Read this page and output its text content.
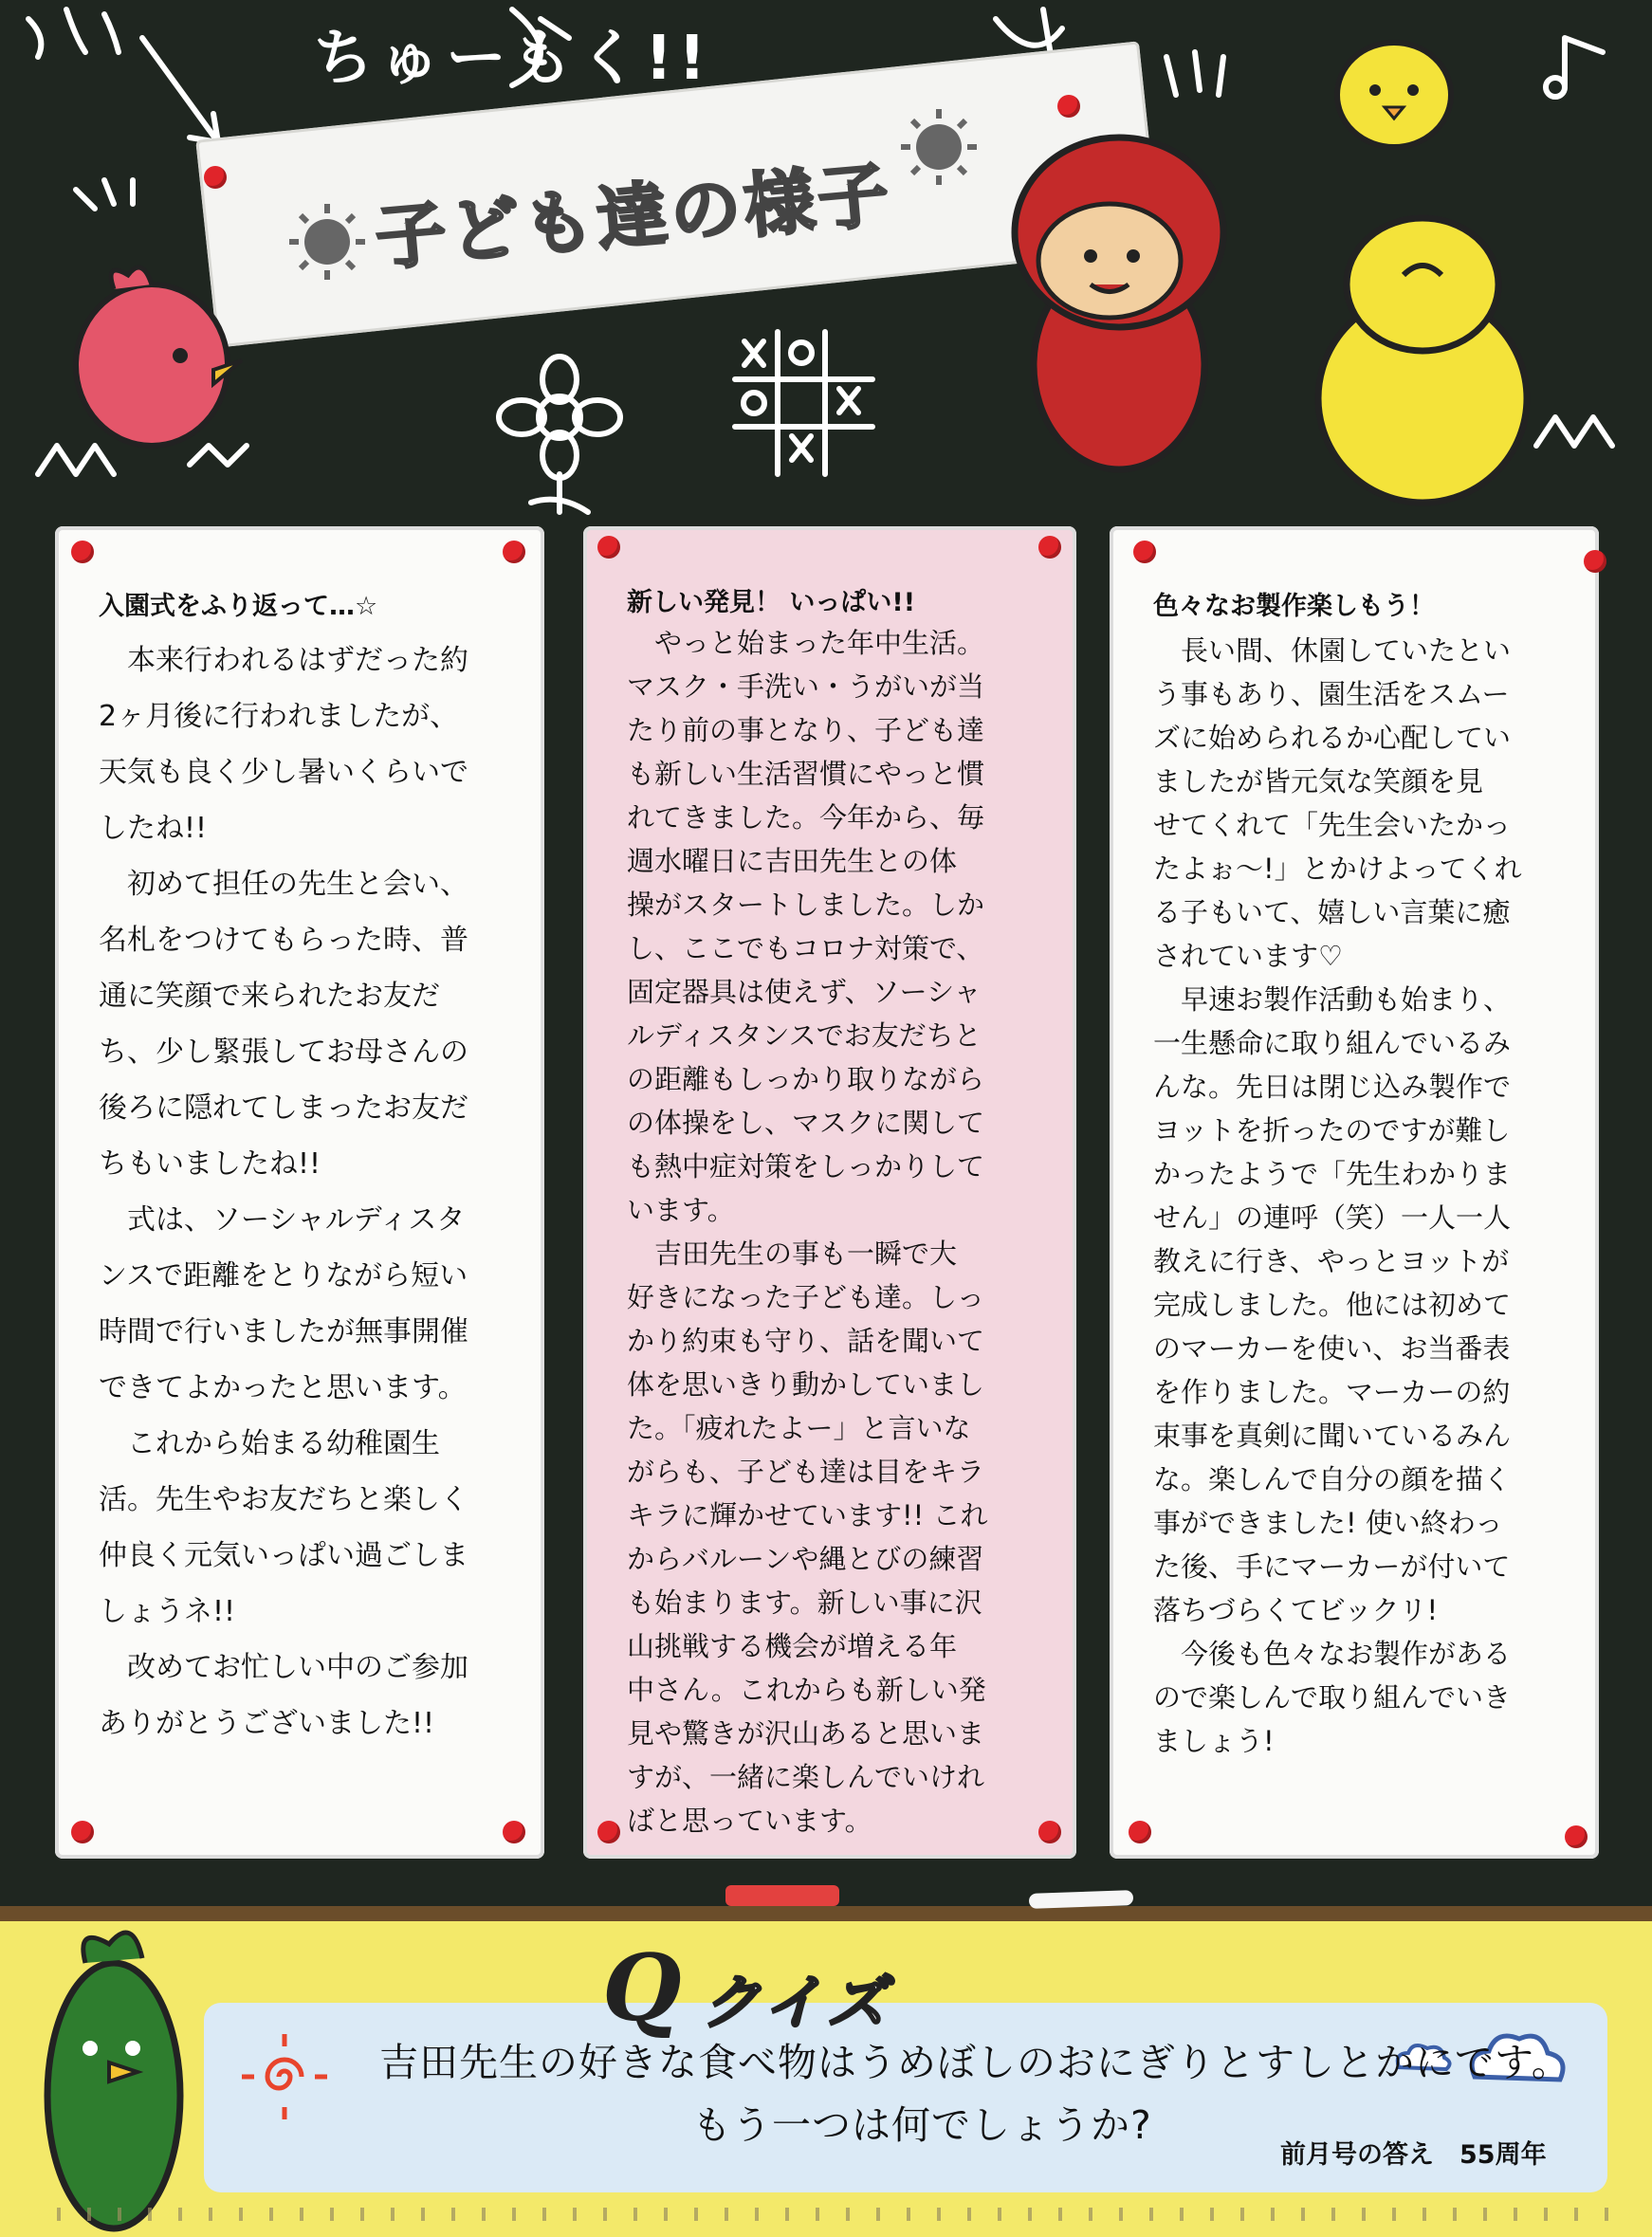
ちゅーもく!!
子ども達の様子
入園式をふり返って…☆
　本来行われるはずだった約
2ヶ月後に行われましたが、
天気も良く少し暑いくらいで
したね!!
　初めて担任の先生と会い、
名札をつけてもらった時、普
通に笑顔で来られたお友だ
ち、少し緊張してお母さんの
後ろに隠れてしまったお友だ
ちもいましたね!!
　式は、ソーシャルディスタ
ンスで距離をとりながら短い
時間で行いましたが無事開催
できてよかったと思います。
　これから始まる幼稚園生
活。先生やお友だちと楽しく
仲良く元気いっぱい過ごしま
しょうネ!!
　改めてお忙しい中のご参加
ありがとうございました!!
新しい発見！ いっぱい!!
　やっと始まった年中生活。
マスク・手洗い・うがいが当
たり前の事となり、子ども達
も新しい生活習慣にやっと慣
れてきました。今年から、毎
週水曜日に吉田先生との体
操がスタートしました。しか
し、ここでもコロナ対策で、
固定器具は使えず、ソーシャ
ルディスタンスでお友だちと
の距離もしっかり取りながら
の体操をし、マスクに関して
も熱中症対策をしっかりして
います。
　吉田先生の事も一瞬で大
好きになった子ども達。しっ
かり約束も守り、話を聞いて
体を思いきり動かしていまし
た。「疲れたよー」と言いな
がらも、子ども達は目をキラ
キラに輝かせています!! これ
からバルーンや縄とびの練習
も始まります。新しい事に沢
山挑戦する機会が増える年
中さん。これからも新しい発
見や驚きが沢山あると思いま
すが、一緒に楽しんでいけれ
ばと思っています。
色々なお製作楽しもう！
　長い間、休園していたとい
う事もあり、園生活をスムー
ズに始められるか心配してい
ましたが皆元気な笑顔を見
せてくれて「先生会いたかっ
たよぉ～!」とかけよってくれ
る子もいて、嬉しい言葉に癒
されています♡
　早速お製作活動も始まり、
一生懸命に取り組んでいるみ
んな。先日は閉じ込み製作で
ヨットを折ったのですが難し
かったようで「先生わかりま
せん」の連呼（笑）一人一人
教えに行き、やっとヨットが
完成しました。他には初めて
のマーカーを使い、お当番表
を作りました。マーカーの約
束事を真剣に聞いているみん
な。楽しんで自分の顔を描く
事ができました! 使い終わっ
た後、手にマーカーが付いて
落ちづらくてビックリ!
　今後も色々なお製作がある
ので楽しんで取り組んでいき
ましょう!
Q クイズ
吉田先生の好きな食べ物はうめぼしのおにぎりとすしとかにです。
もう一つは何でしょうか?
前月号の答え　55周年
